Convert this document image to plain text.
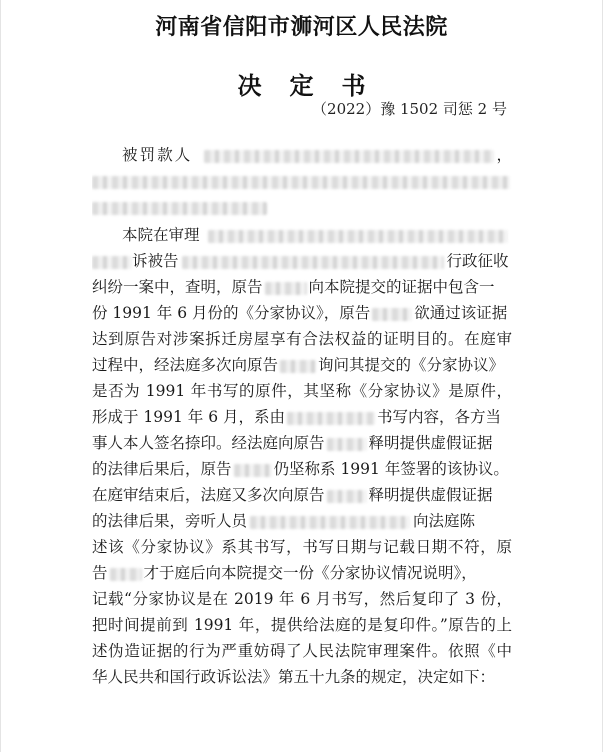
河南省信阳市浉河区人民法院
决定书
（2022）豫 1502 司惩 2 号
被罚款人	，
本院在审理
诉被告	行政征收
纠纷一案中，查明，原告	向本院提交的证据中包含一
份 1991 年 6 月份的《分家协议》，原告	欲通过该证据
达到原告对涉案拆迁房屋享有合法权益的证明目的。在庭审
过程中，经法庭多次向原告	询问其提交的《分家协议》
是否为 1991 年书写的原件，其坚称《分家协议》是原件，
形成于 1991 年 6 月，系由	书写内容，各方当
事人本人签名捺印。经法庭向原告	释明提供虚假证据
的法律后果后，原告	仍坚称系 1991 年签署的该协议。
在庭审结束后，法庭又多次向原告	释明提供虚假证据
的法律后果，旁听人员	向法庭陈
述该《分家协议》系其书写，书写日期与记载日期不符，原
告 才于庭后向本院提交一份《分家协议情况说明》，
记载“分家协议是在 2019 年 6 月书写，然后复印了 3 份，
把时间提前到 1991 年，提供给法庭的是复印件。”原告的上
述伪造证据的行为严重妨碍了人民法院审理案件。依照《中
华人民共和国行政诉讼法》第五十九条的规定，决定如下：
